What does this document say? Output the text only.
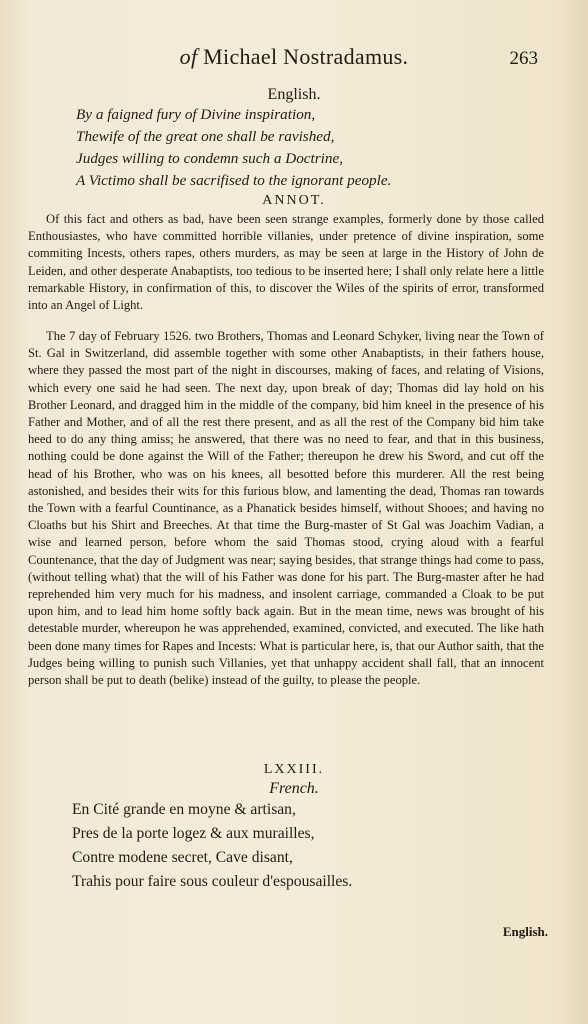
of Michael Nostradamus.	263
English.
By a faigned fury of Divine inspiration,
Thewife of the great one shall be ravished,
Judges willing to condemn such a Doctrine,
A Victimo shall be sacrifised to the ignorant people.
ANNOT.

Of this fact and others as bad, have been seen strange examples, formerly done by those called Enthousiastes, who have committed horrible villanies, under pretence of divine inspiration, some commiting Incests, others rapes, others murders, as may be seen at large in the History of John de Leiden, and other desperate Anabaptists, too tedious to be inserted here; I shall only relate here a little remarkable History, in confirmation of this, to discover the Wiles of the spirits of error, transformed into an Angel of Light.

The 7 day of February 1526. two Brothers, Thomas and Leonard Schyker, living near the Town of St. Gal in Switzerland, did assemble together with some other Anabaptists, in their fathers house, where they passed the most part of the night in discourses, making of faces, and relating of Visions, which every one said he had seen. The next day, upon break of day; Thomas did lay hold on his Brother Leonard, and dragged him in the middle of the company, bid him kneel in the presence of his Father and Mother, and of all the rest there present, and as all the rest of the Company bid him take heed to do any thing amiss; he answered, that there was no need to fear, and that in this business, nothing could be done against the Will of the Father; thereupon he drew his Sword, and cut off the head of his Brother, who was on his knees, all besotted before this murderer. All the rest being astonished, and besides their wits for this furious blow, and lamenting the dead, Thomas ran towards the Town with a fearful Countinance, as a Phanatick besides himself, without Shooes; and having no Cloaths but his Shirt and Breeches. At that time the Burg-master of St Gal was Joachim Vadian, a wise and learned person, before whom the said Thomas stood, crying aloud with a fearful Countenance, that the day of Judgment was near; saying besides, that strange things had come to pass, (without telling what) that the will of his Father was done for his part. The Burg-master after he had reprehended him very much for his madness, and insolent carriage, commanded a Cloak to be put upon him, and to lead him home softly back again. But in the mean time, news was brought of his detestable murder, whereupon he was apprehended, examined, convicted, and executed. The like hath been done many times for Rapes and Incests: What is particular here, is, that our Author saith, that the Judges being willing to punish such Villanies, yet that unhappy accident shall fall, that an innocent person shall be put to death (belike) instead of the guilty, to please the people.

LXXIII.
French.
En Cité grande en moyne & artisan,
Pres de la porte logez & aux murailles,
Contre modene secret, Cave disant,
Trahis pour faire sous couleur d'espousailles.
English.
